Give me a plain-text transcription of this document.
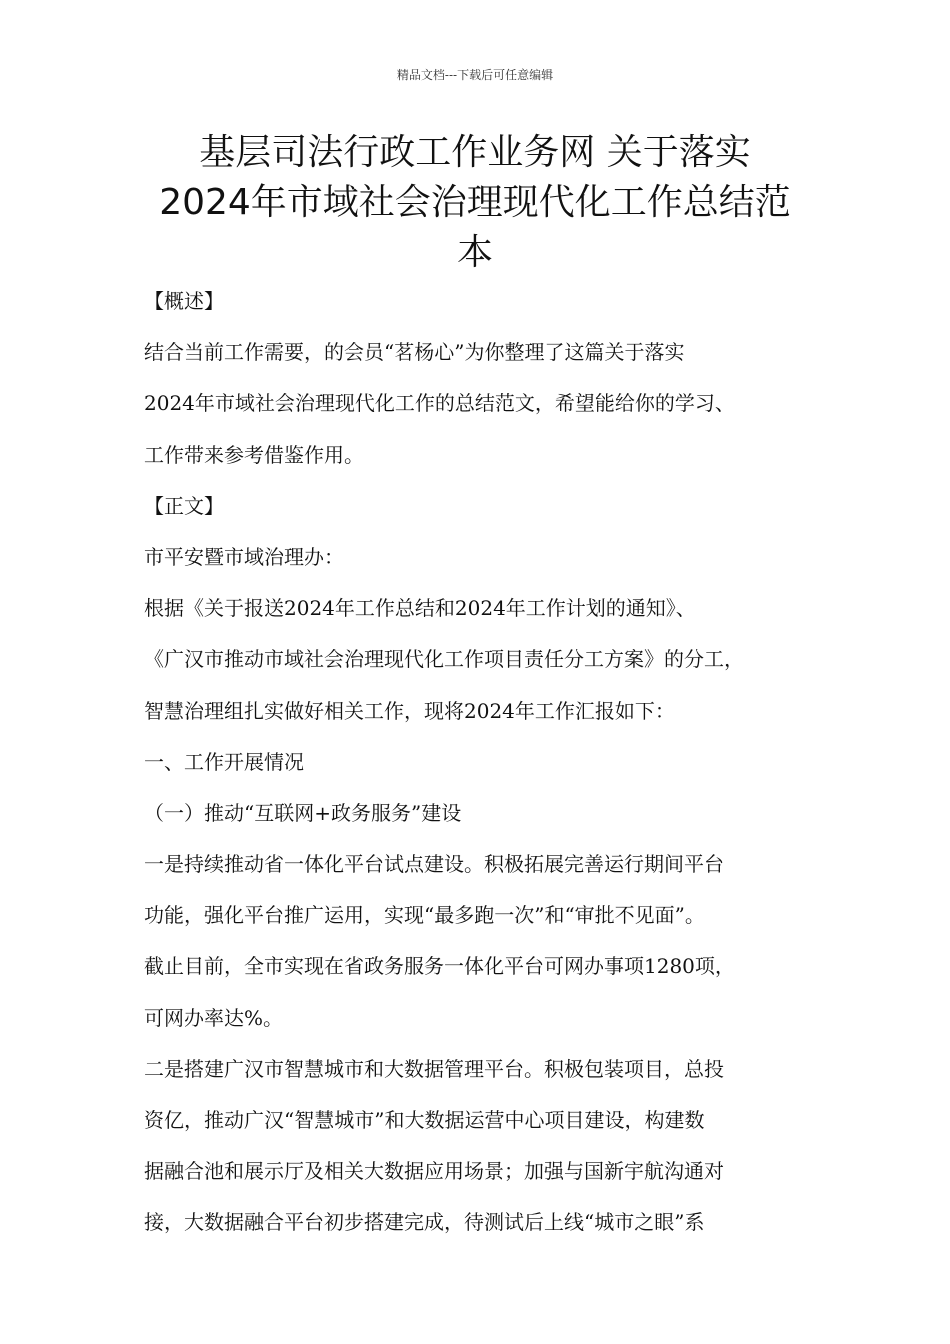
精品文档---下载后可任意编辑
基层司法行政工作业务网 关于落实
2024年市域社会治理现代化工作总结范
本
【概述】
结合当前工作需要，的会员“茗杨心”为你整理了这篇关于落实
2024年市域社会治理现代化工作的总结范文，希望能给你的学习、
工作带来参考借鉴作用。
【正文】
市平安暨市域治理办：
根据《关于报送2024年工作总结和2024年工作计划的通知》、
《广汉市推动市域社会治理现代化工作项目责任分工方案》的分工，
智慧治理组扎实做好相关工作，现将2024年工作汇报如下：
一、工作开展情况
（一）推动“互联网+政务服务”建设
一是持续推动省一体化平台试点建设。积极拓展完善运行期间平台
功能，强化平台推广运用，实现“最多跑一次”和“审批不见面”。
截止目前，全市实现在省政务服务一体化平台可网办事项1280项，
可网办率达%。
二是搭建广汉市智慧城市和大数据管理平台。积极包装项目，总投
资亿，推动广汉“智慧城市”和大数据运营中心项目建设，构建数
据融合池和展示厅及相关大数据应用场景；加强与国新宇航沟通对
接，大数据融合平台初步搭建完成，待测试后上线“城市之眼”系
